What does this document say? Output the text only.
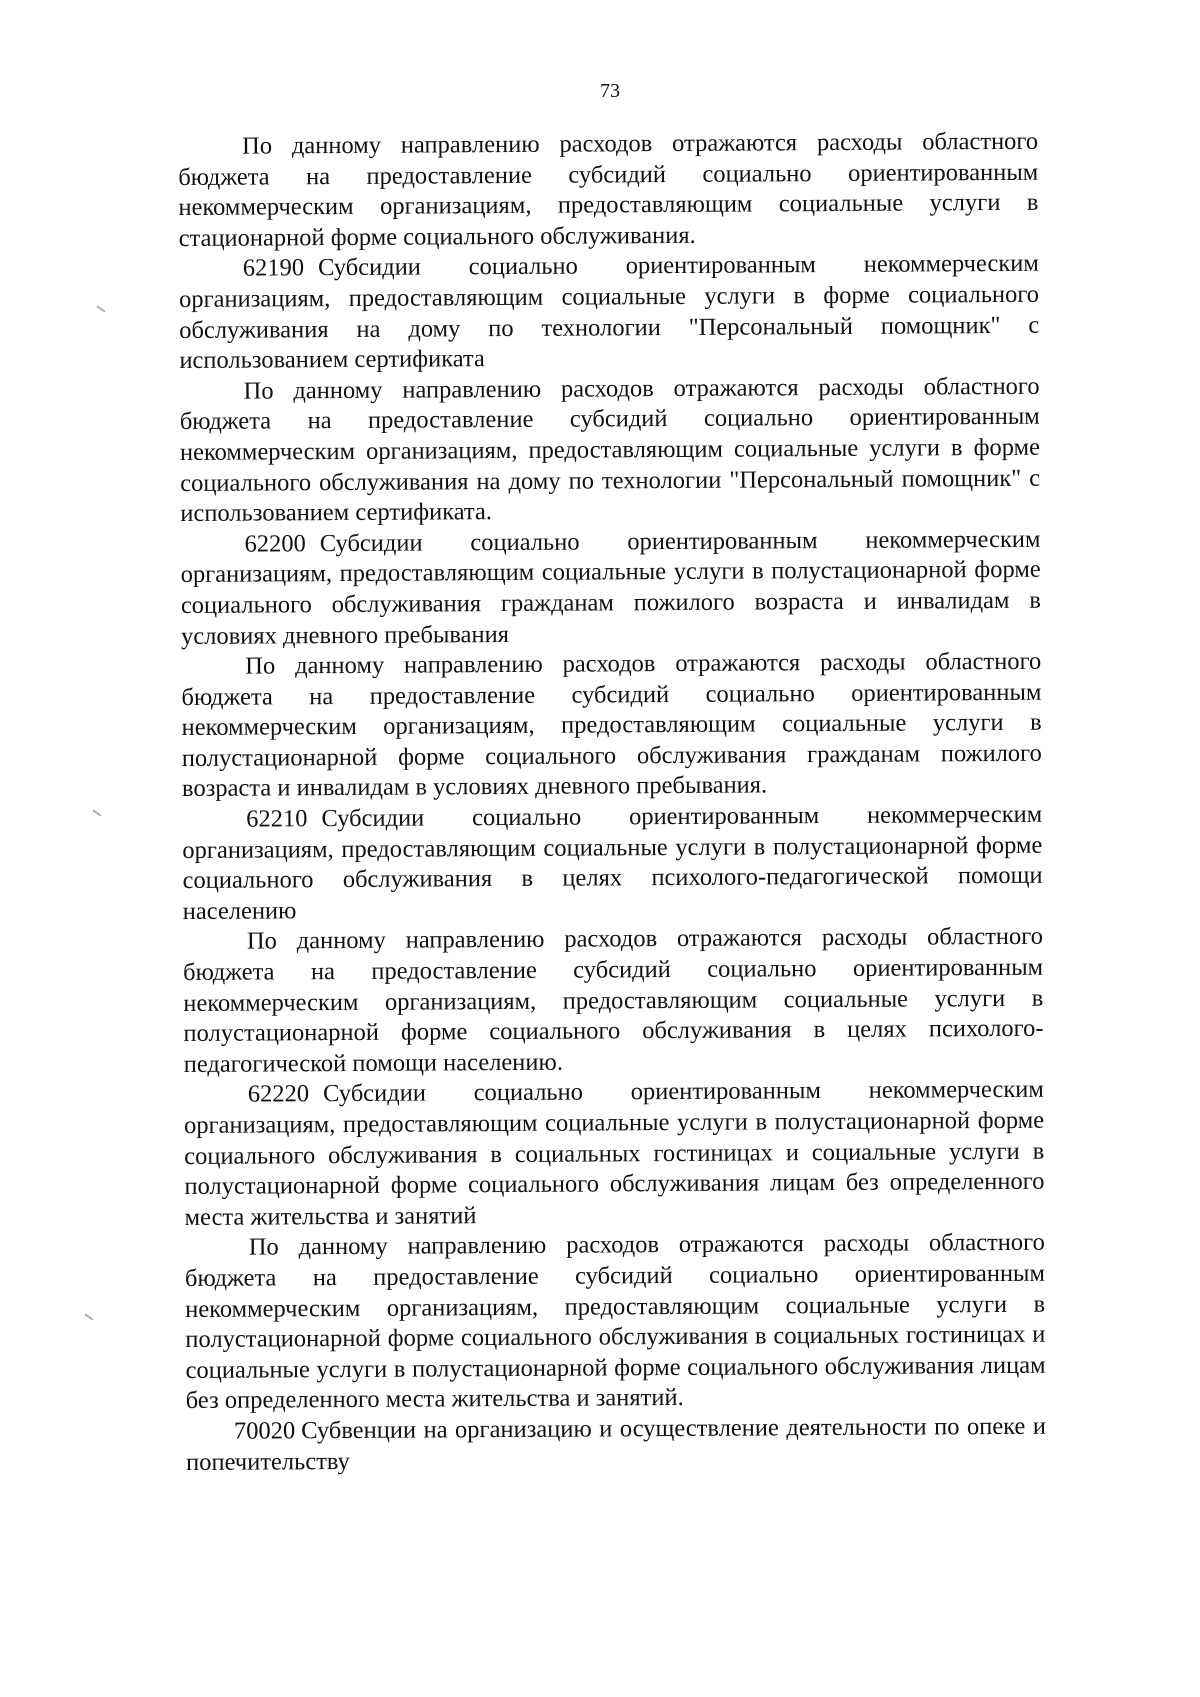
73

По данному направлению расходов отражаются расходы областного бюджета на предоставление субсидий социально ориентированным некоммерческим организациям, предоставляющим социальные услуги в стационарной форме социального обслуживания.

62190 Субсидии социально ориентированным некоммерческим организациям, предоставляющим социальные услуги в форме социального обслуживания на дому по технологии "Персональный помощник" с использованием сертификата

По данному направлению расходов отражаются расходы областного бюджета на предоставление субсидий социально ориентированным некоммерческим организациям, предоставляющим социальные услуги в форме социального обслуживания на дому по технологии "Персональный помощник" с использованием сертификата.

62200 Субсидии социально ориентированным некоммерческим организациям, предоставляющим социальные услуги в полустационарной форме социального обслуживания гражданам пожилого возраста и инвалидам в условиях дневного пребывания

По данному направлению расходов отражаются расходы областного бюджета на предоставление субсидий социально ориентированным некоммерческим организациям, предоставляющим социальные услуги в полустационарной форме социального обслуживания гражданам пожилого возраста и инвалидам в условиях дневного пребывания.

62210 Субсидии социально ориентированным некоммерческим организациям, предоставляющим социальные услуги в полустационарной форме социального обслуживания в целях психолого-педагогической помощи населению

По данному направлению расходов отражаются расходы областного бюджета на предоставление субсидий социально ориентированным некоммерческим организациям, предоставляющим социальные услуги в полустационарной форме социального обслуживания в целях психолого-педагогической помощи населению.

62220 Субсидии социально ориентированным некоммерческим организациям, предоставляющим социальные услуги в полустационарной форме социального обслуживания в социальных гостиницах и социальные услуги в полустационарной форме социального обслуживания лицам без определенного места жительства и занятий

По данному направлению расходов отражаются расходы областного бюджета на предоставление субсидий социально ориентированным некоммерческим организациям, предоставляющим социальные услуги в полустационарной форме социального обслуживания в социальных гостиницах и социальные услуги в полустационарной форме социального обслуживания лицам без определенного места жительства и занятий.

70020 Субвенции на организацию и осуществление деятельности по опеке и попечительству
